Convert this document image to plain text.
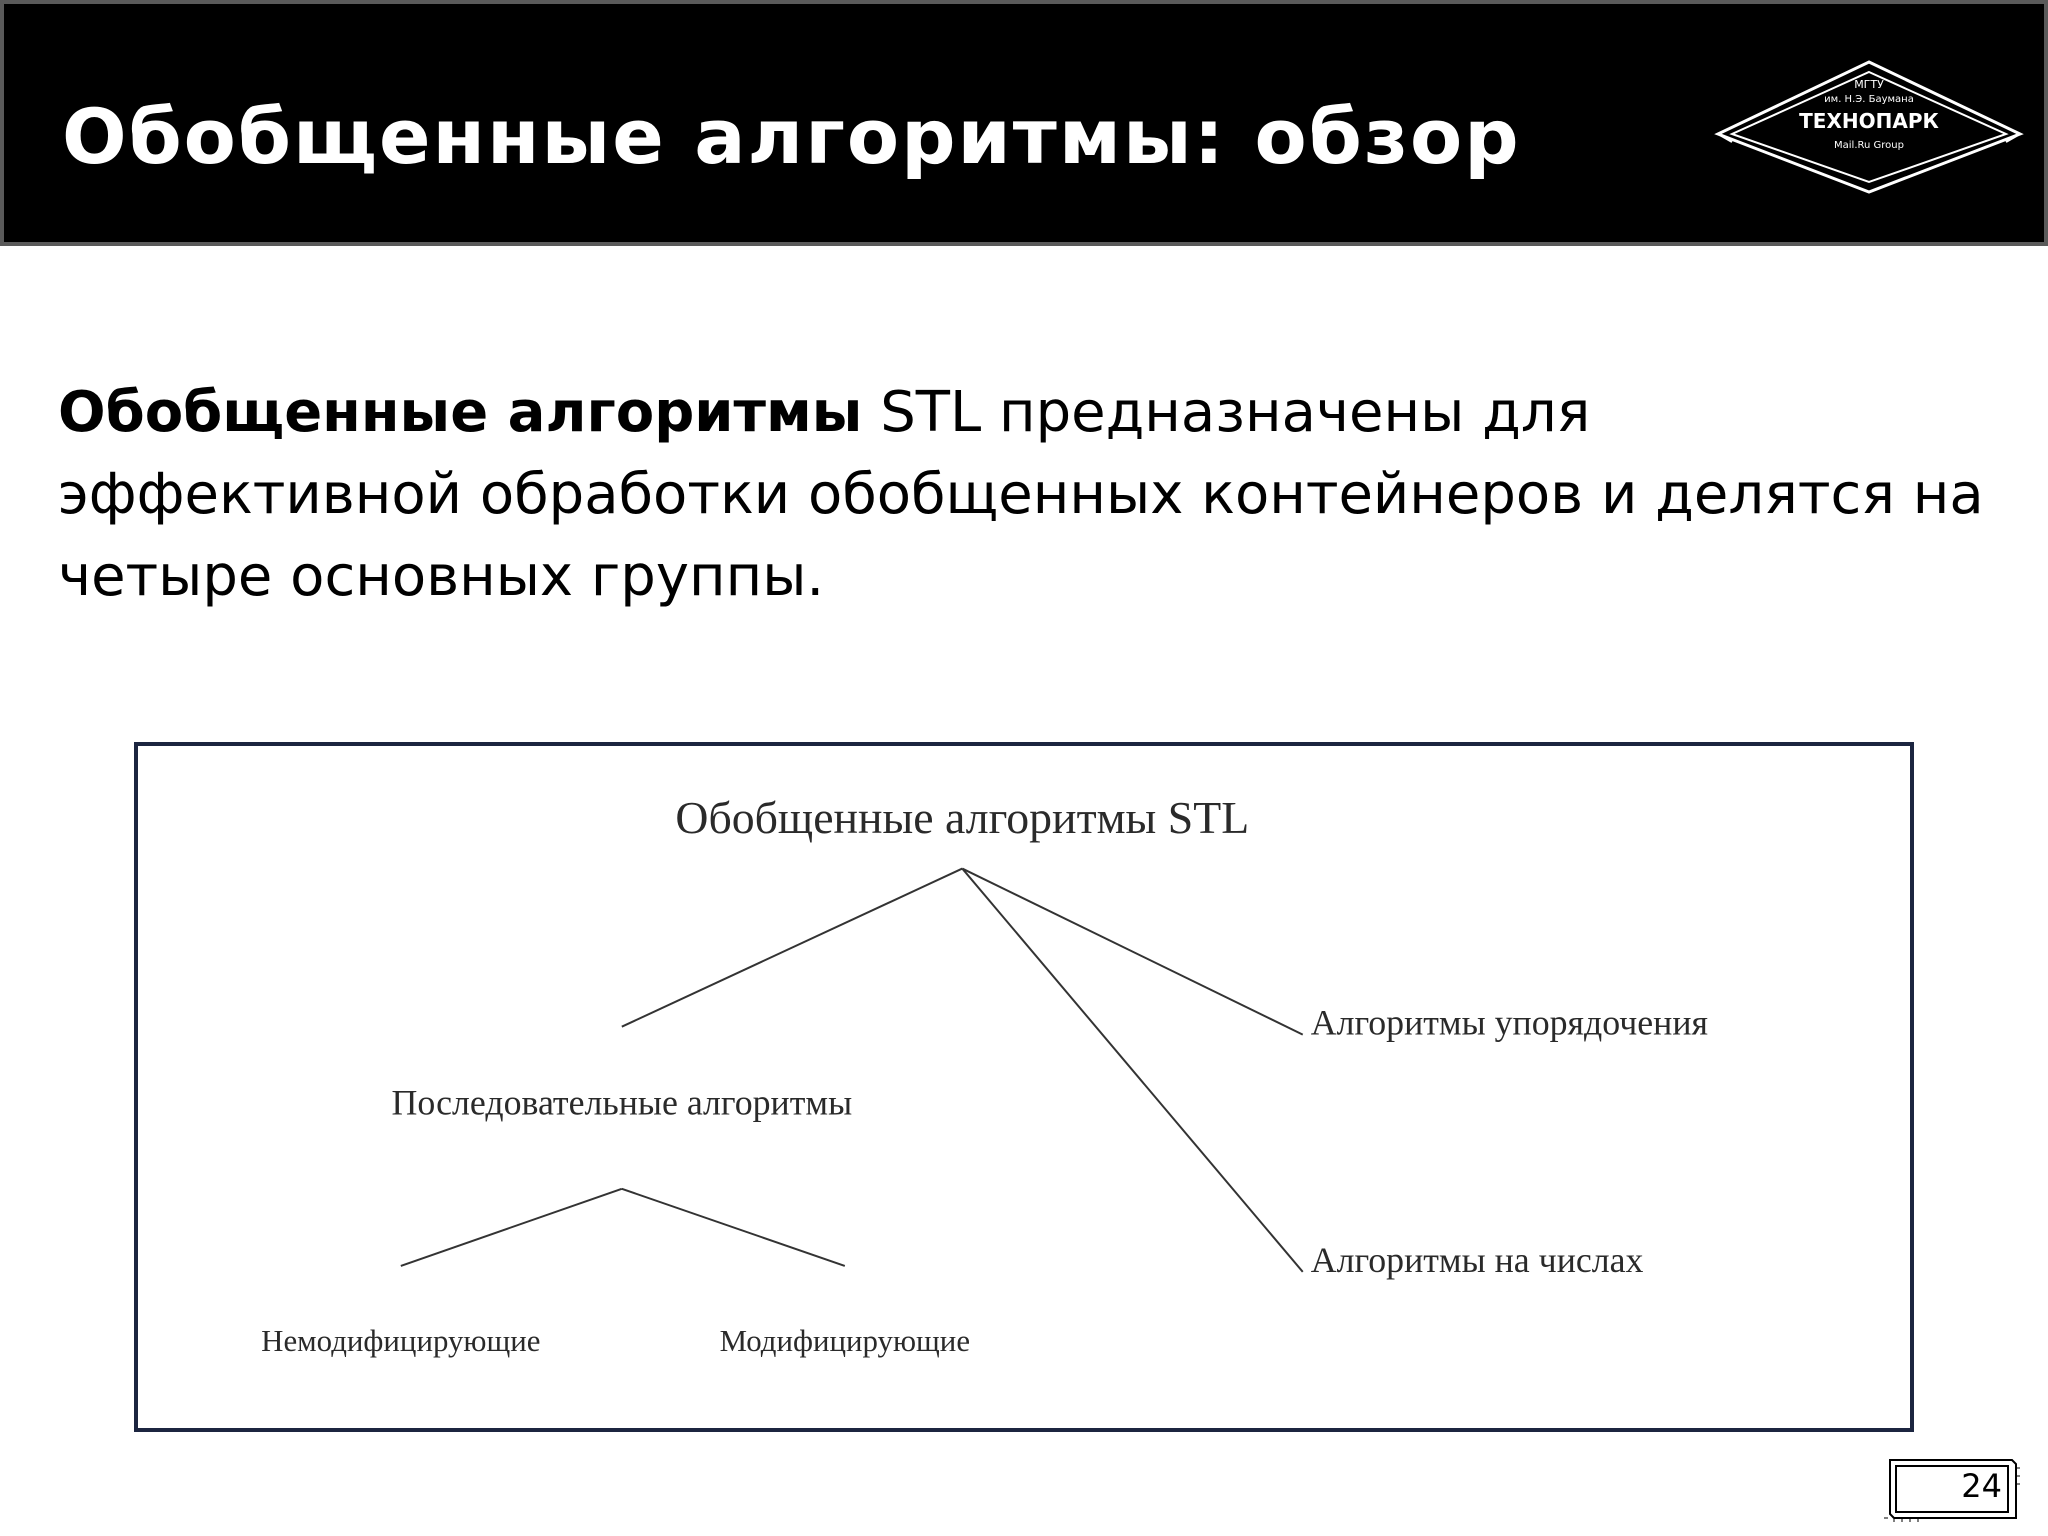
Обобщенные алгоритмы: обзор
МГТУ
им. Н.Э. Баумана
ТЕХНОПАРК
Mail.Ru Group

Обобщенные алгоритмы STL предназначены для эффективной обработки обобщенных контейнеров и делятся на четыре основных группы.

Обобщенные алгоритмы STL
Последовательные алгоритмы
Алгоритмы упорядочения
Алгоритмы на числах
Немодифицирующие	Модифицирующие
24
